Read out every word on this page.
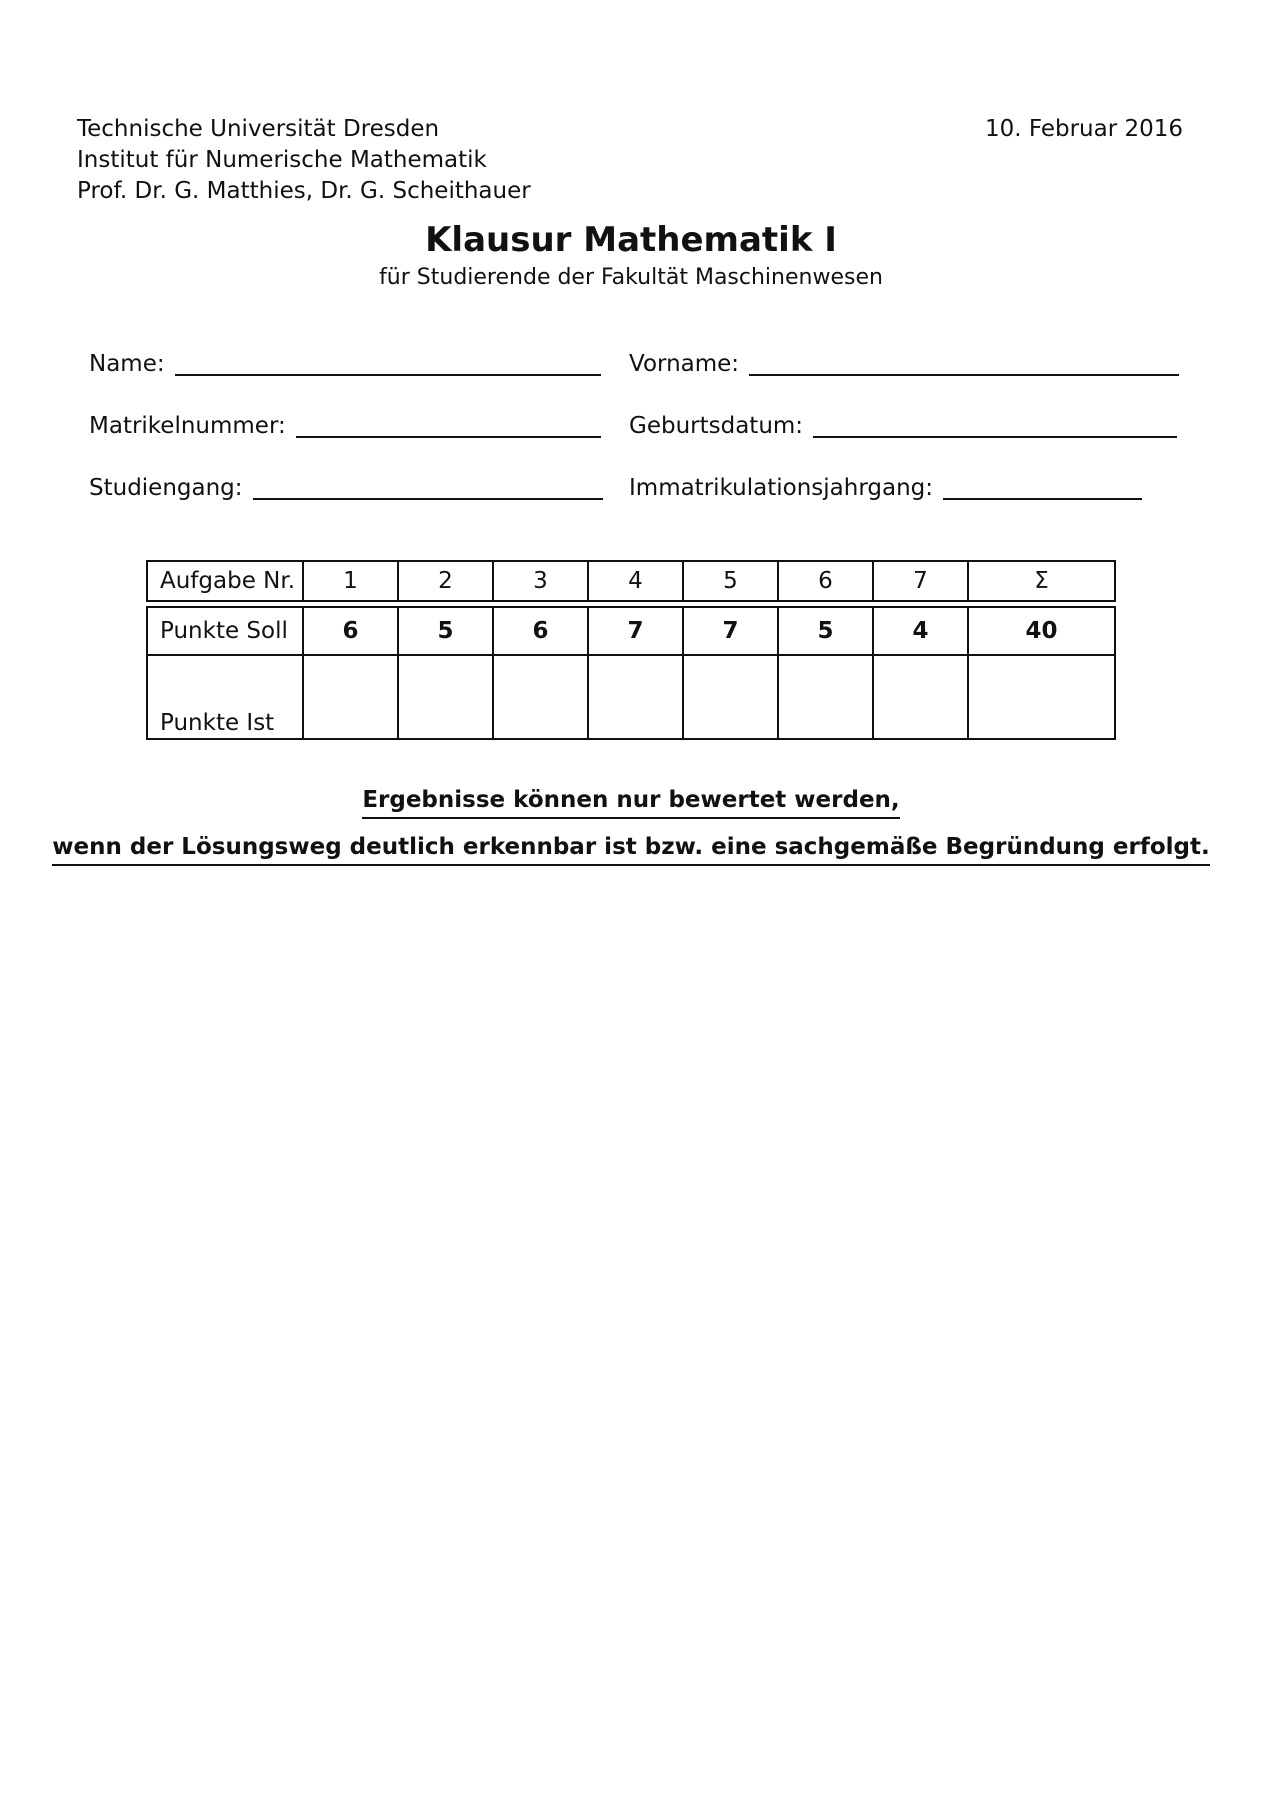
Technische Universität Dresden
Institut für Numerische Mathematik
Prof. Dr. G. Matthies, Dr. G. Scheithauer
10. Februar 2016
Klausur Mathematik I
für Studierende der Fakultät Maschinenwesen
Name:	Vorname:
Matrikelnummer:	Geburtsdatum:
Studiengang:	Immatrikulationsjahrgang:
Aufgabe Nr.	1	2	3	4	5	6	7	Σ

Punkte Soll	6	5	6	7	7	5	4	40
Punkte Ist								
Ergebnisse können nur bewertet werden,
wenn der Lösungsweg deutlich erkennbar ist bzw. eine sachgemäße Begründung erfolgt.
